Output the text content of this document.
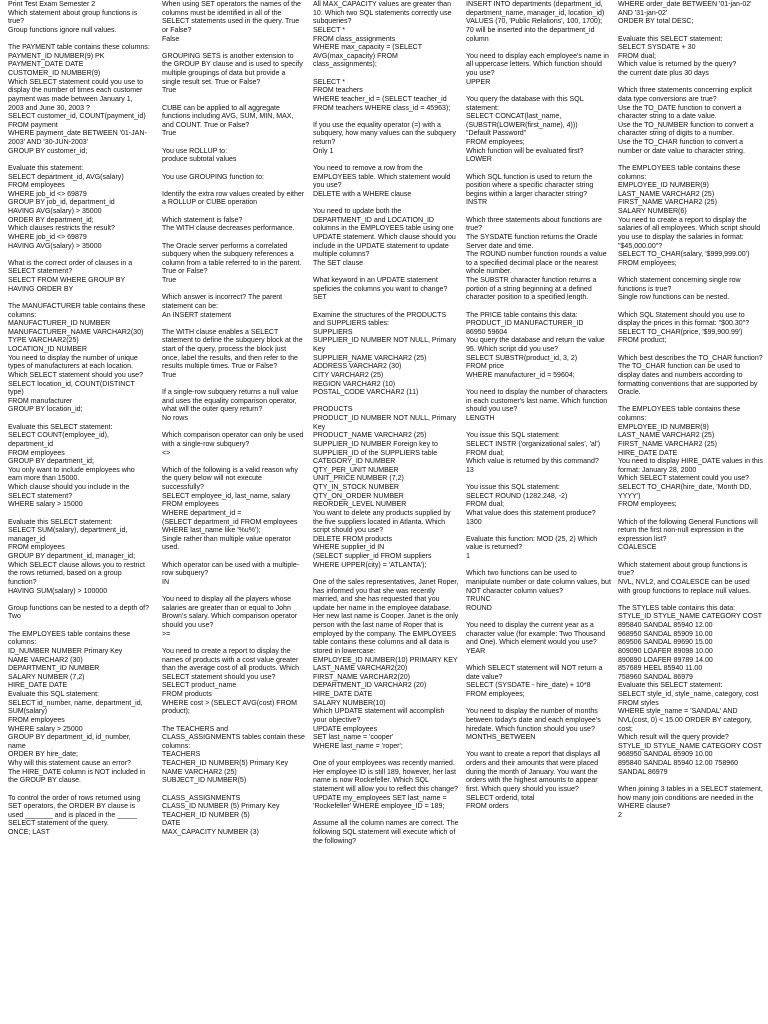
Print Test Exam Semester 2

Which statement about group functions is true?

Group functions ignore null values.

The PAYMENT table contains these columns:

PAYMENT_ID NUMBER(9) PK

PAYMENT_DATE DATE

CUSTOMER_ID NUMBER(9)

Which SELECT statement could you use to display the number of times each customer payment was made between January 1, 2003 and June 30, 2003 ?

SELECT customer_id, COUNT(payment_id)

FROM payment

WHERE payment_date BETWEEN '01-JAN-2003' AND '30-JUN-2003'

GROUP BY customer_id;

Evaluate this statement:

SELECT department_id, AVG(salary)

FROM employees

WHERE job_id <> 69879

GROUP BY job_id, department_id

HAVING AVG(salary) > 35000

ORDER BY department_id;

Which clauses restricts the result?

WHERE job_id <> 69879

HAVING AVG(salary) > 35000

What is the correct order of clauses in a SELECT statement?

SELECT FROM WHERE GROUP BY HAVING ORDER BY

The MANUFACTURER table contains these columns:

MANUFACTURER_ID NUMBER

MANUFACTURER_NAME VARCHAR2(30)

TYPE VARCHAR2(25)

LOCATION_ID NUMBER

You need to display the number of unique types of manufacturers at each location. Which SELECT statement should you use?

SELECT location_id, COUNT(DISTINCT type)

FROM manufacturer

GROUP BY location_id;

Evaluate this SELECT statement:

SELECT COUNT(employee_id), department_id

FROM employees

GROUP BY department_id;

You only want to include employees who earn more than 15000.

Which clause should you include in the SELECT statement?

WHERE salary > 15000

Evaluate this SELECT statement:

SELECT SUM(salary), department_id, manager_id

FROM employees

GROUP BY department_id, manager_id;

Which SELECT clause allows you to restrict the rows returned, based on a group function?

HAVING SUM(salary) > 100000

Group functions can be nested to a depth of?

Two

The EMPLOYEES table contains these columns:

ID_NUMBER NUMBER Primary Key

NAME VARCHAR2 (30)

DEPARTMENT_ID NUMBER

SALARY NUMBER (7,2)

HIRE_DATE DATE

Evaluate this SQL statement:

SELECT id_number, name, department_id, SUM(salary)

FROM employees

WHERE salary > 25000

GROUP BY department_id, id_number, name

ORDER BY hire_date;

Why will this statement cause an error?

The HIRE_DATE column is NOT included in the GROUP BY clause.

To control the order of rows returned using SET operators, the ORDER BY clause is used _______ and is placed in the _____ SELECT statement of the query.

ONCE; LAST

When using SET operators the names of the columns must be identified in all of the SELECT statements used in the query. True or False?

False

GROUPING SETS is another extension to the GROUP BY clause and is used to specify multiple groupings of data but provide a single result set. True or False?

True

CUBE can be applied to all aggregate functions including AVG, SUM, MIN, MAX, and COUNT. True or False?

True

You use ROLLUP to:

produce subtotal values

You use GROUPING function to:

Identify the extra row values created by either a ROLLUP or CUBE operation

Which statement is false?

The WITH clause decreases performance.

The Oracle server performs a correlated subquery when the subquery references a column from a table referred to in the parent. True or False?

True

Which answer is incorrect? The parent statement can be:

An INSERT statement

The WITH clause enables a SELECT statement to define the subquery block at the start of the query, process the block just once, label the results, and then refer to the results multiple times. True or False?

True

If a single-row subquery returns a null value and uses the equality comparison operator, what will the outer query return?

No rows

Which comparison operator can only be used with a single-row subquery?

<>

Which of the following is a valid reason why the query below will not execute successfully?

SELECT employee_id, last_name, salary

FROM employees

WHERE department_id =

(SELECT department_id FROM employees WHERE last_name like '%u%');

Single rather than multiple value operator used.

Which operator can be used with a multiple-row subquery?

IN

You need to display all the players whose salaries are greater than or equal to John Brown's salary. Which comparison operator should you use?

>=

You need to create a report to display the names of products with a cost value greater than the average cost of all products. Which SELECT statement should you use?

SELECT product_name

FROM products

WHERE cost > (SELECT AVG(cost) FROM product);

The TEACHERS and CLASS_ASSIGNMENTS tables contain these columns:

TEACHERS

TEACHER_ID NUMBER(5) Primary Key

NAME VARCHAR2 (25)

SUBJECT_ID NUMBER(5)

CLASS_ASSIGNMENTS

CLASS_ID NUMBER (5) Primary Key

TEACHER_ID NUMBER (5)

DATE

MAX_CAPACITY NUMBER (3)

All MAX_CAPACITY values are greater than 10. Which two SQL statements correctly use subqueries?

SELECT *

FROM class_assignments

WHERE max_capacity = (SELECT AVG(max_capacity) FROM class_assignments);

SELECT *

FROM teachers

WHERE teacher_id = (SELECT teacher_id FROM teachers WHERE class_id = 45963);

If you use the equality operator (=) with a subquery, how many values can the subquery return?

Only 1

You need to remove a row from the EMPLOYEES table. Which statement would you use?

DELETE with a WHERE clause

You need to update both the DEPARTMENT_ID and LOCATION_ID columns in the EMPLOYEES table using one UPDATE statement. Which clause should you include in the UPDATE statement to update multiple columns?

The SET clause

What keyword in an UPDATE statement speficies the columns you want to change?

SET

Examine the structures of the PRODUCTS and SUPPLIERS tables:

SUPPLIERS

SUPPLIER_ID NUMBER NOT NULL, Primary Key

SUPPLIER_NAME VARCHAR2 (25)

ADDRESS VARCHAR2 (30)

CITY VARCHAR2 (25)

REGION VARCHAR2 (10)

POSTAL_CODE VARCHAR2 (11)

PRODUCTS

PRODUCT_ID NUMBER NOT NULL, Primary Key

PRODUCT_NAME VARCHAR2 (25)

SUPPLIER_ID NUMBER Foreign key to SUPPLIER_ID of the SUPPLIERS table

CATEGORY_ID NUMBER

QTY_PER_UNIT NUMBER

UNIT_PRICE NUMBER (7,2)

QTY_IN_STOCK NUMBER

QTY_ON_ORDER NUMBER

REORDER_LEVEL NUMBER

You want to delete any products supplied by the five suppliers located in Atlanta. Which script should you use?

DELETE FROM products

WHERE supplier_id IN

(SELECT supplier_id FROM suppliers WHERE UPPER(city) = 'ATLANTA');

One of the sales representatives, Janet Roper, has informed you that she was recently married, and she has requested that you update her name in the employee database. Her new last name is Cooper. Janet is the only person with the last name of Roper that is employed by the company. The EMPLOYEES table contains these columns and all data is stored in lowercase:

EMPLOYEE_ID NUMBER(10) PRIMARY KEY

LAST_NAME VARCHAR2(20)

FIRST_NAME VARCHAR2(20)

DEPARTMENT_ID VARCHAR2 (20)

HIRE_DATE DATE

SALARY NUMBER(10)

Which UPDATE statement will accomplish your objective?

UPDATE employees

SET last_name = 'cooper'

WHERE last_name = 'roper';

One of your employees was recently married. Her employee ID is still 189, however, her last name is now Rockefeller. Which SQL statement will allow you to reflect this change?

UPDATE my_employees SET last_name = 'Rockefeller' WHERE employee_ID = 189;

Assume all the column names are correct. The following SQL statement will execute which of the following?

INSERT INTO departments (department_id, department_name, manager_id, location_id)

VALUES (70, 'Public Relations', 100, 1700);

70 will be inserted into the department_id column

You need to display each employee's name in all uppercase letters. Which function should you use?

UPPER

You query the database with this SQL statement:

SELECT CONCAT(last_name, (SUBSTR(LOWER(first_name), 4)))

"Default Password"

FROM employees;

Which function will be evaluated first?

LOWER

Which SQL function is used to return the position where a specific character string begins within a larger character string?

INSTR

Which three statements about functions are true?

The SYSDATE function returns the Oracle Server date and time.

The ROUND number function rounds a value to a specified decimal place or the nearest whole number.

The SUBSTR character function returns a portion of a string beginning at a defined character position to a specified length.

The PRICE table contains this data:

PRODUCT_ID MANUFACTURER_ID

86950 59604

You query the database and return the value 95. Which script did you use?

SELECT SUBSTR(product_id, 3, 2)

FROM price

WHERE manufacturer_id = 59604;

You need to display the number of characters in each customer's last name. Which function should you use?

LENGTH

You issue this SQL statement:

SELECT INSTR ('organizational sales', 'al')

FROM dual;

Which value is returned by this command?

13

You issue this SQL statement:

SELECT ROUND (1282.248, -2)

FROM dual;

What value does this statement produce?

1300

Evaluate this function: MOD (25, 2) Which value is returned?

1

Which two functions can be used to manipulate number or date column values, but NOT character column values?

TRUNC

ROUND

You need to display the current year as a character value (for example: Two Thousand and One). Which element would you use?

YEAR

Which SELECT statement will NOT return a date value?

SELECT (SYSDATE - hire_date) + 10*8

FROM employees;

You need to display the number of months between today's date and each employee's hiredate. Which function should you use?

MONTHS_BETWEEN

You want to create a report that displays all orders and their amounts that were placed during the month of January. You want the orders with the highest amounts to appear first. Which query should you issue?

SELECT orderid, total

FROM orders

WHERE order_date BETWEEN '01-jan-02' AND '31-jan-02'

ORDER BY total DESC;

Evaluate this SELECT statement:

SELECT SYSDATE + 30

FROM dual;

Which value is returned by the query?

the current date plus 30 days

Which three statements concerning explicit data type conversions are true?

Use the TO_DATE function to convert a character string to a date value.

Use the TO_NUMBER function to convert a character string of digits to a number.

Use the TO_CHAR function to convert a number or date value to character string.

The EMPLOYEES table contains these columns:

EMPLOYEE_ID NUMBER(9)

LAST_NAME VARCHAR2 (25)

FIRST_NAME VARCHAR2 (25)

SALARY NUMBER(6)

You need to create a report to display the salaries of all employees. Which script should you use to display the salaries in format: "$45,000.00"?

SELECT TO_CHAR(salary, '$999,999.00')

FROM employees;

Which statement concerning single row functions is true?

Single row functions can be nested.

Which SQL Statement should you use to display the prices in this format: "$00.30"?

SELECT TO_CHAR(price, '$99,900.99')

FROM product;

Which best describes the TO_CHAR function?

The TO_CHAR function can be used to display dates and numbers according to formatting conventions that are supported by Oracle.

The EMPLOYEES table contains these columns:

EMPLOYEE_ID NUMBER(9)

LAST_NAME VARCHAR2 (25)

FIRST_NAME VARCHAR2 (25)

HIRE_DATE DATE

You need to display HIRE_DATE values in this format: January 28, 2000

Which SELECT statement could you use?

SELECT TO_CHAR(hire_date, 'Month DD, YYYY')

FROM employees;

Which of the following General Functions will return the first non-null expression in the expression list?

COALESCE

Which statement about group functions is true?

NVL, NVL2, and COALESCE can be used with group functions to replace null values.

The STYLES table contains this data:

STYLE_ID STYLE_NAME CATEGORY COST

895840 SANDAL 85940 12.00

968950 SANDAL 85909 10.00

869506 SANDAL 89690 15.00

809090 LOAFER 89098 10.00

890890 LOAFER 89789 14.00

857689 HEEL 85940 11.00

758960 SANDAL 86979

Evaluate this SELECT statement:

SELECT style_id, style_name, category, cost

FROM styles

WHERE style_name = 'SANDAL' AND NVL(cost, 0) < 15.00 ORDER BY category, cost;

Which result will the query provide?

STYLE_ID STYLE_NAME CATEGORY COST 968950 SANDAL 85909 10.00

895840 SANDAL 85940 12.00 758960 SANDAL 86979

When joining 3 tables in a SELECT statement, how many join conditions are needed in the WHERE clause?

2
